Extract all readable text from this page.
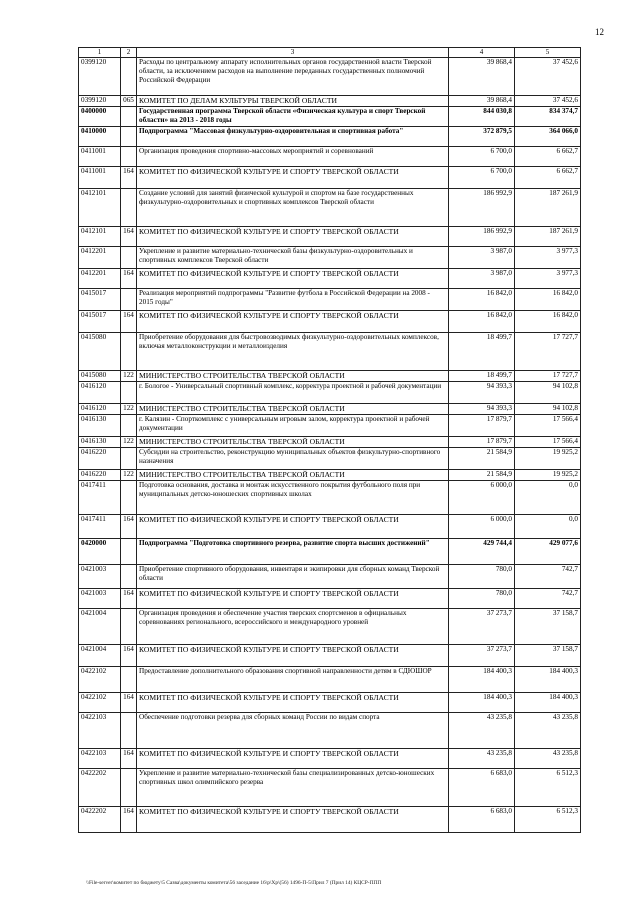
12
1	2	3	4	5
0399120		Расходы по центральному аппарату исполнительных органов государственной власти Тверской области, за исключением расходов на выполнение переданных государственных полномочий Российской Федерации	39 868,4	37 452,6
0399120	065	КОМИТЕТ ПО ДЕЛАМ КУЛЬТУРЫ ТВЕРСКОЙ ОБЛАСТИ	39 868,4	37 452,6
0400000		Государственная программа Тверской области «Физическая культура и спорт Тверской области» на 2013 - 2018 годы	844 030,8	834 374,7
0410000		Подпрограмма "Массовая физкультурно-оздоровительная и спортивная работа"	372 879,5	364 066,0
0411001		Организация проведения спортивно-массовых мероприятий и соревнований	6 700,0	6 662,7
0411001	164	КОМИТЕТ ПО ФИЗИЧЕСКОЙ КУЛЬТУРЕ И СПОРТУ ТВЕРСКОЙ ОБЛАСТИ	6 700,0	6 662,7
0412101		Создание условий для занятий физической культурой и спортом на базе государственных физкультурно-оздоровительных и спортивных комплексов Тверской области	186 992,9	187 261,9
0412101	164	КОМИТЕТ ПО ФИЗИЧЕСКОЙ КУЛЬТУРЕ И СПОРТУ ТВЕРСКОЙ ОБЛАСТИ	186 992,9	187 261,9
0412201		Укрепление и развитие материально-технической базы физкультурно-оздоровительных и спортивных комплексов Тверской области	3 987,0	3 977,3
0412201	164	КОМИТЕТ ПО ФИЗИЧЕСКОЙ КУЛЬТУРЕ И СПОРТУ ТВЕРСКОЙ ОБЛАСТИ	3 987,0	3 977,3
0415017		Реализация мероприятий подпрограммы "Развитие футбола в Российской Федерации на 2008 - 2015 годы"	16 842,0	16 842,0
0415017	164	КОМИТЕТ ПО ФИЗИЧЕСКОЙ КУЛЬТУРЕ И СПОРТУ ТВЕРСКОЙ ОБЛАСТИ	16 842,0	16 842,0
0415080		Приобретение оборудования для быстровозводимых физкультурно-оздоровительных комплексов, включая металлоконструкции и металлоизделия	18 499,7	17 727,7
0415080	122	МИНИСТЕРСТВО СТРОИТЕЛЬСТВА ТВЕРСКОЙ ОБЛАСТИ	18 499,7	17 727,7
0416120		г. Бологое - Универсальный спортивный комплекс, корректура проектной и рабочей документации	94 393,3	94 102,8
0416120	122	МИНИСТЕРСТВО СТРОИТЕЛЬСТВА ТВЕРСКОЙ ОБЛАСТИ	94 393,3	94 102,8
0416130		г. Калязин - Спорткомплекс с универсальным игровым залом, корректура проектной и рабочей документации	17 879,7	17 566,4
0416130	122	МИНИСТЕРСТВО СТРОИТЕЛЬСТВА ТВЕРСКОЙ ОБЛАСТИ	17 879,7	17 566,4
0416220		Субсидии на строительство, реконструкцию муниципальных объектов физкультурно-спортивного назначения	21 584,9	19 925,2
0416220	122	МИНИСТЕРСТВО СТРОИТЕЛЬСТВА ТВЕРСКОЙ ОБЛАСТИ	21 584,9	19 925,2
0417411		Подготовка основания, доставка и монтаж искусственного покрытия футбольного поля при муниципальных детско-юношеских спортивных школах	6 000,0	0,0
0417411	164	КОМИТЕТ ПО ФИЗИЧЕСКОЙ КУЛЬТУРЕ И СПОРТУ ТВЕРСКОЙ ОБЛАСТИ	6 000,0	0,0
0420000		Подпрограмма "Подготовка спортивного резерва, развитие спорта высших достижений"	429 744,4	429 077,6
0421003		Приобретение спортивного оборудования, инвентаря и экипировки для сборных команд Тверской области	780,0	742,7
0421003	164	КОМИТЕТ ПО ФИЗИЧЕСКОЙ КУЛЬТУРЕ И СПОРТУ ТВЕРСКОЙ ОБЛАСТИ	780,0	742,7
0421004		Организация проведения и обеспечение участия тверских спортсменов в официальных соревнованиях регионального, всероссийского и международного уровней	37 273,7	37 158,7
0421004	164	КОМИТЕТ ПО ФИЗИЧЕСКОЙ КУЛЬТУРЕ И СПОРТУ ТВЕРСКОЙ ОБЛАСТИ	37 273,7	37 158,7
0422102		Предоставление дополнительного образования спортивной направленности детям в СДЮШОР	184 400,3	184 400,3
0422102	164	КОМИТЕТ ПО ФИЗИЧЕСКОЙ КУЛЬТУРЕ И СПОРТУ ТВЕРСКОЙ ОБЛАСТИ	184 400,3	184 400,3
0422103		Обеспечение подготовки резерва для сборных команд России по видам спорта	43 235,8	43 235,8
0422103	164	КОМИТЕТ ПО ФИЗИЧЕСКОЙ КУЛЬТУРЕ И СПОРТУ ТВЕРСКОЙ ОБЛАСТИ	43 235,8	43 235,8
0422202		Укрепление и развитие материально-технической базы специализированных детско-юношеских спортивных школ олимпийского резерва	6 683,0	6 512,3
0422202	164	КОМИТЕТ ПО ФИЗИЧЕСКОЙ КУЛЬТУРЕ И СПОРТУ ТВЕРСКОЙ ОБЛАСТИ	6 683,0	6 512,3
\\File-server\комитет по бюджету\5 Сазва\документы комитета\56 заседание 16\р\Хр\(56) 1496-П-5\Прил 7 (Прил 14) КЦСР-ППП
